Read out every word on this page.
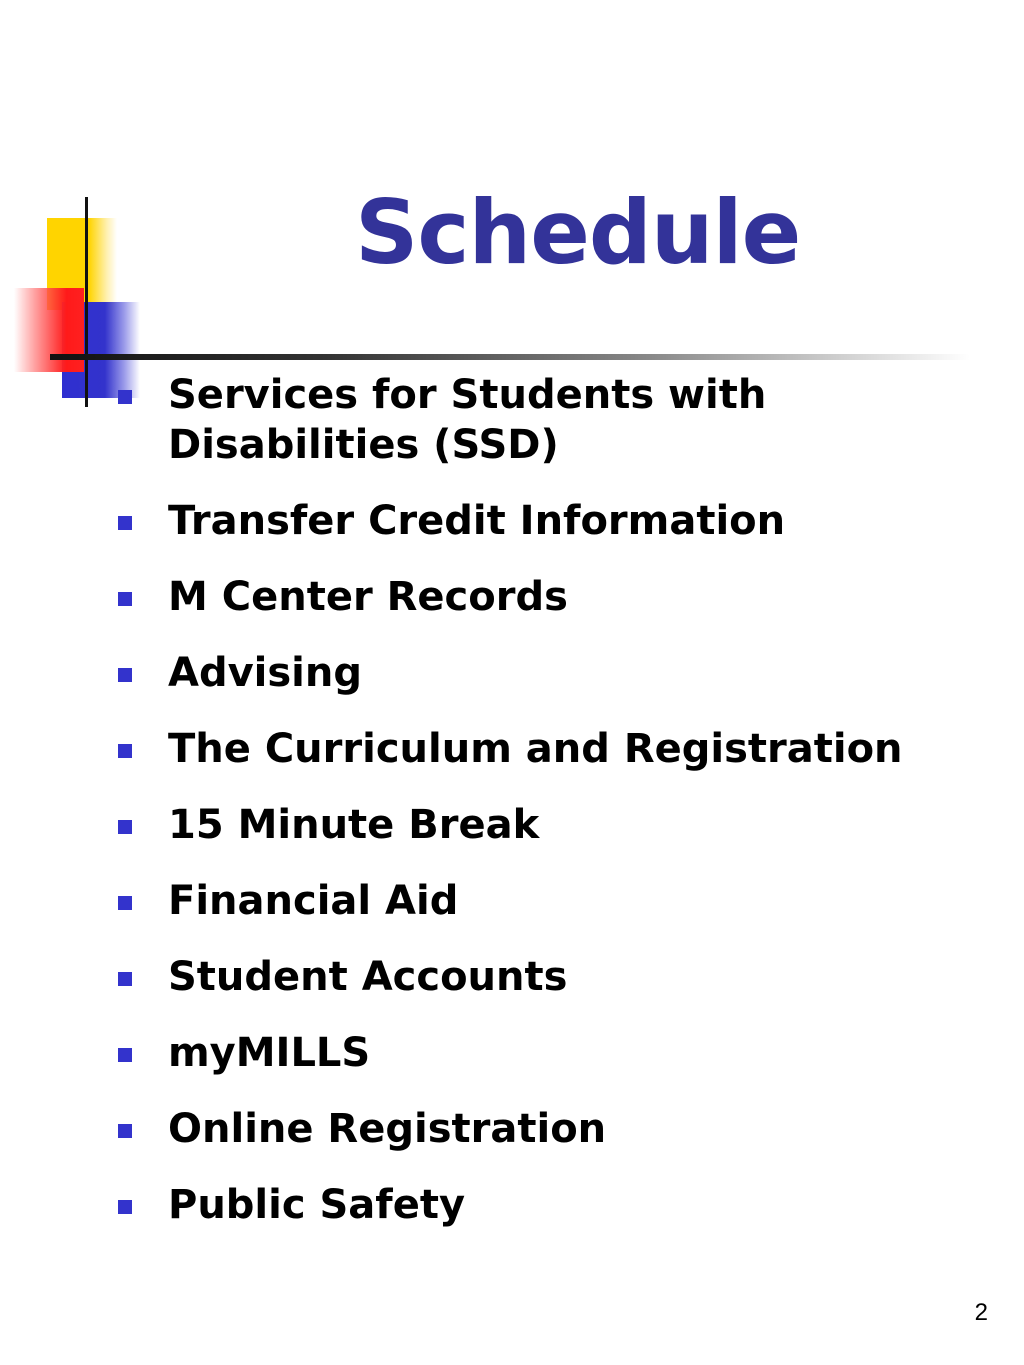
Schedule
Services for Students with
Disabilities (SSD)
Transfer Credit Information
M Center Records
Advising
The Curriculum and Registration
15 Minute Break
Financial Aid
Student Accounts
myMILLS
Online Registration
Public Safety
2
